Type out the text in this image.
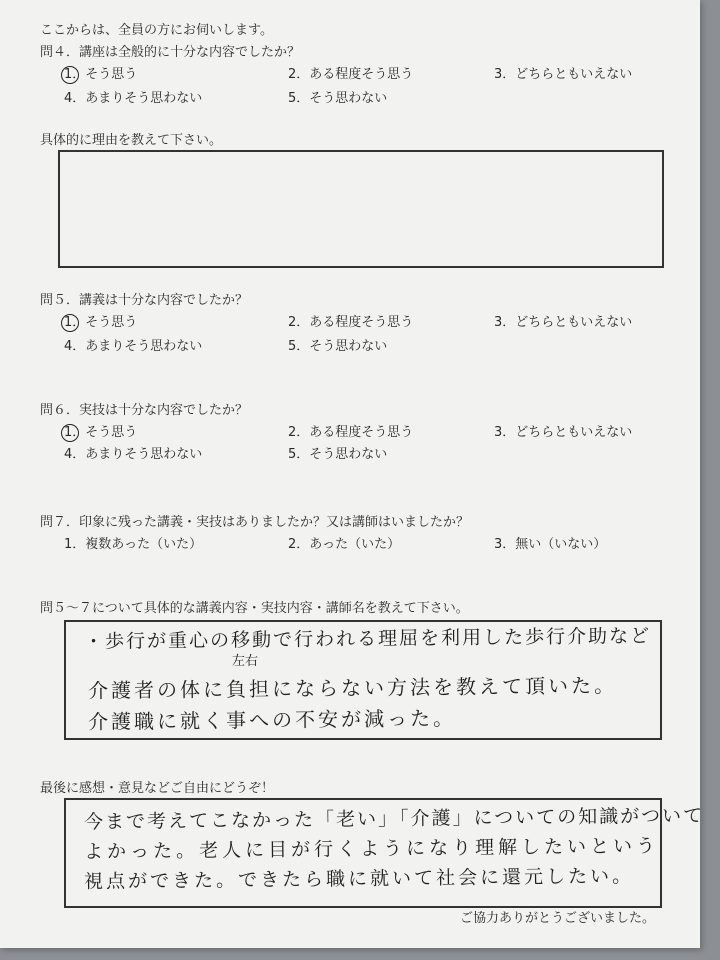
ここからは、全員の方にお伺いします。
問４．講座は全般的に十分な内容でしたか？
1．そう思う	2．ある程度そう思う	3．どちらともいえない
4．あまりそう思わない	5．そう思わない
具体的に理由を教えて下さい。
問５．講義は十分な内容でしたか？
1．そう思う	2．ある程度そう思う	3．どちらともいえない
4．あまりそう思わない	5．そう思わない
問６．実技は十分な内容でしたか？
1．そう思う	2．ある程度そう思う	3．どちらともいえない
4．あまりそう思わない	5．そう思わない
問７．印象に残った講義・実技はありましたか？又は講師はいましたか？
1．複数あった（いた）	2．あった（いた）	3．無い（いない）
問５～７について具体的な講義内容・実技内容・講師名を教えて下さい。
左右
・歩行が重心の移動で行われる理屈を利用した歩行介助など
介護者の体に負担にならない方法を教えて頂いた。
介護職に就く事への不安が減った。
最後に感想・意見などご自由にどうぞ！
今まで考えてこなかった「老い」「介護」についての知識がついて
よかった。老人に目が行くようになり理解したいという
視点ができた。できたら職に就いて社会に還元したい。
ご協力ありがとうございました。
